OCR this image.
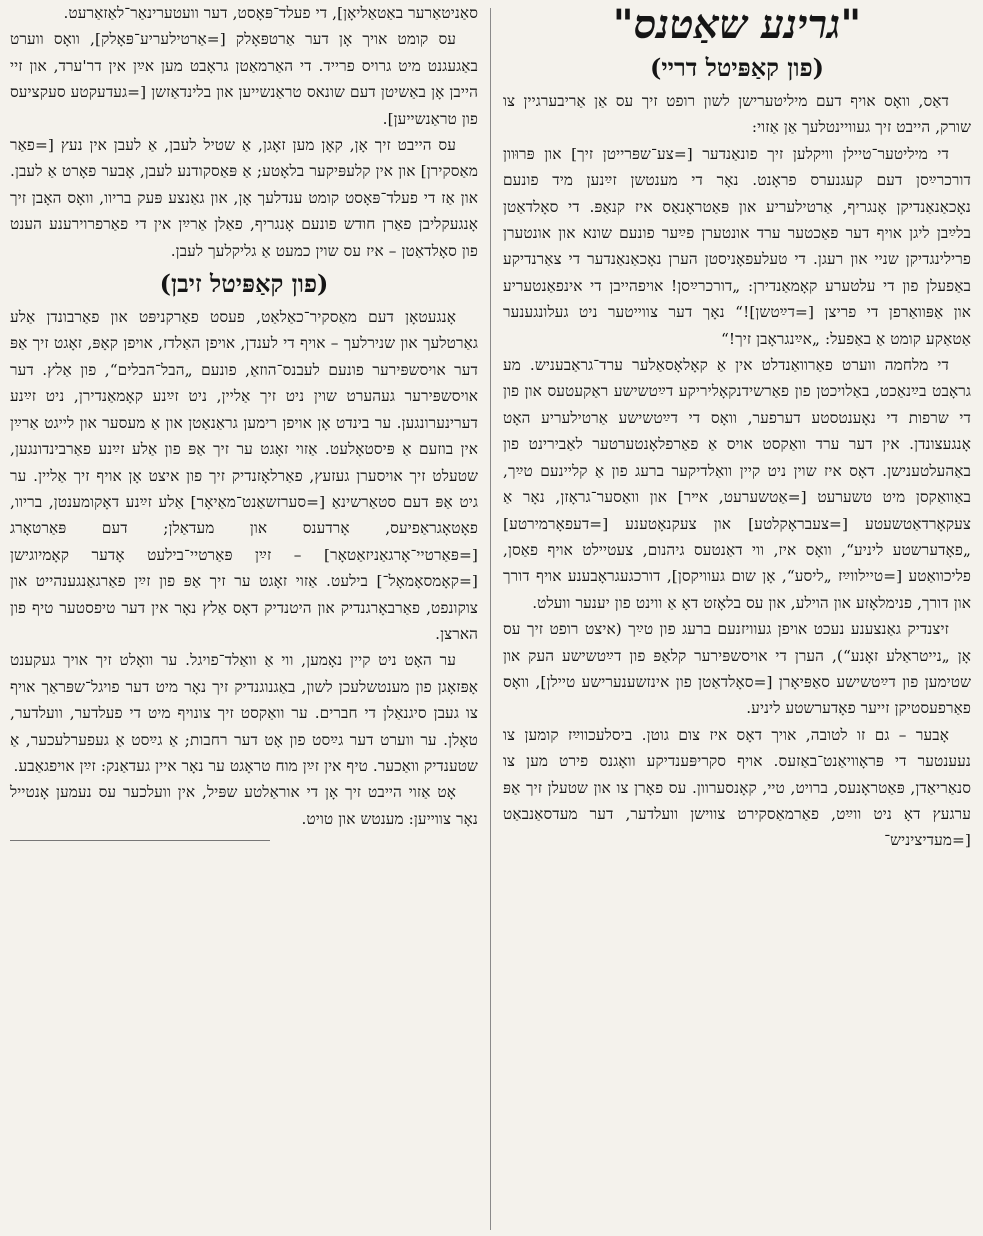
"גרינע שאַטנס"
(פון קאַפּיטל דריי)

דאַס, וואָס אויף דעם מיליטערישן לשון רופט זיך עס אַן אַריבערגיין צו שורק, הייבט זיך געוויינטלעך אַן אַזוי:

די מיליטער־טיילן וויקלען זיך פונאַנדער [=צע־שפּרייטן זיך] און פּרוּוון דורכרײַסן דעם קעגנערס פראָנט. נאָר די מענטשן זײַנען מיד פונעם נאָכאַנאַנדיקן אָנגריף, אַרטילעריע און פּאַטראָנאַס איז קנאַפּ. די סאָלדאַטן בלײַבן ליגן אויף דער פאַכטער ערד אונטערן פײַער פונעם שונא און אונטערן פרילינגדיקן שניי און רעגן. די טעלעפאָניסטן הערן נאָכאַנאַנדער די צאַרנדיקע באַפעלן פון די עלטערע קאָמאַנדירן: „דורכרײַסן! אויפהייבן די אינפאַנטעריע און אַפּוואַרפן די פריצן [=דײַטשן]!“ נאָך דער צווייטער ניט געלונגענער אַטאַקע קומט אַ באַפעל: „אײַנגראָבן זיך!“

די מלחמה ווערט פאַרוואַנדלט אין אַ קאָלאָסאַלער ערד־גראַבעניש. מע גראָבט בײַנאַכט, באַלויכטן פון פאַרשידנקאָליריקע דײַטשישע ראַקעטעס און פון די שרפות די נאָענטסטע דערפער, וואָס די דײַטשישע אַרטילעריע האָט אָנגעצונדן. אין דער ערד וואַקסט אויס אַ פאַרפלאָנטערטער לאַבירינט פון באַהעלטענישן. דאָס איז שוין ניט קיין וואַלדיקער ברעג פון אַ קליינעם טײַך, באַוואַקסן מיט טשערעט [=אַטשערעט, אײר] און וואַסער־גראָזן, נאָר אַ צעקאָרדאַטשעטע [=צעבראָקלטע] און צעקנאָטענע [=דעפאָרמירטע] „פאָדערשטע ליניע“, וואָס איז, ווי דאַנטעס גיהנום, צעטיילט אויף פאַסן, פליכוואַטע [=טיילווײַז „ליסע“, אָן שום געוויקסן], דורכגעגראָבענע אויף דורך און דורך, פנימלאָזע און הוילע, און עס בלאָזט דאָ אַ ווינט פון יענער וועלט.

זיצנדיק גאַנצענע נעכט אויפן געוויזנעם ברעג פון טײַך (איצט רופט זיך עס אָן „נייטראַלע זאָנע“), הערן די אויסשפּירער קלאַפּ פון דײַטשישע העק און שטימען פון דײַטשישע סאַפּיאָרן [=סאָלדאַטן פון אינזשענערישע טיילן], וואָס פאַרפעסטיקן זייער פאָדערשטע ליניע.

אָבער – גם זו לטובה, אויך דאָס איז צום גוטן. ביסלעכווײַז קומען צו נעענטער די פּראָוויאַנט־באַזעס. אויף סקריפּענדיקע וואָגנס פירט מען צו סנאַריאַדן, פּאַטראָנעס, ברויט, טיי, קאָנסערוון. עס פאָרן צו און שטעלן זיך אַפּ ערגעץ דאָ ניט ווײַט, פאַרמאַסקירט צווישן וועלדער, דער מעדסאַנבאַט [=מעדיציניש־

סאַניטאַרער באַטאַליאָן], די פעלד־פּאָסט, דער וועטערינאַר־לאַזאַרעט.

עס קומט אויך אָן דער אַרטפּאָלק [=אַרטילעריע־פּאָלק], וואָס ווערט באַגעגנט מיט גרויס פרייד. די האַרמאַטן גראָבט מען אײַן אין דר'ערד, און זיי הייבן אָן באַשיטן דעם שונאס טראַנשייען און בלינדאַזשן [=געדעקטע סעקציעס פון טראַנשייען].

עס הייבט זיך אָן, קאָן מען זאָגן, אַ שטיל לעבן, אַ לעבן אין נעץ [=פאַר מאַסקירן] און אין קלעפּיקער בלאָטע; אַ פּאַסקודנע לעבן, אָבער פאָרט אַ לעבן. און אַז די פעלד־פּאָסט קומט ענדלעך אָן, און גאַנצע פּעק בריוו, וואָס האָבן זיך אָנגעקליבן פאַרן חודש פונעם אָנגריף, פאַלן אַרײַן אין די פאַרפרוירענע הענט פון סאָלדאַטן – איז עס שוין כמעט אַ גליקלעך לעבן.

(פון קאַפּיטל זיבן)

אָנגעטאָן דעם מאַסקיר־כאַלאַט, פעסט פאַרקניפּט און פאַרבונדן אַלע גאַרטלעך און שנירלעך – אויף די לענדן, אויפן האַלדז, אויפן קאָפּ, זאָגט זיך אַפּ דער אויסשפּירער פונעם לעבנס־הוזאַ, פונעם „הבל־הבלים“, פון אַלץ. דער אויסשפּירער געהערט שוין ניט זיך אַליין, ניט זײַנע קאָמאַנדירן, ניט זײַנע דערינערונגען. ער בינדט אָן אויפן רימען גראַנאַטן און אַ מעסער און לייגט אַרײַן אין בוזעם אַ פּיסטאָלעט. אַזוי זאָגט ער זיך אַפּ פון אַלע זײַנע פאַרבינדונגען, שטעלט זיך אויסערן געזעץ, פאַרלאָזנדיק זיך פון איצט אָן אויף זיך אַליין. ער גיט אַפּ דעם סטאַרשינאַ [=סערזשאַנט־מאַיאָר] אַלע זײַנע דאָקומענטן, בריוו, פאָטאָגראַפיעס, אָרדענס און מעדאַלן; דעם פּאַרטאָרג [=פּאַרטיי־אָרגאַניזאַטאָר] – זײַן פּאַרטיי־בילעט אָדער קאָמיוגישן [=קאָמסאָמאָל־] בילעט. אַזוי זאָגט ער זיך אַפּ פון זײַן פאַרגאַנגענהייט און צוקונפט, פאַרבאָרגנדיק און היטנדיק דאָס אַלץ נאָר אין דער טיפסטער טיף פון הארצן.

ער האָט ניט קיין נאָמען, ווי אַ וואַלד־פויגל. ער וואָלט זיך אויך געקענט אָפּזאָגן פון מענטשלעכן לשון, באַגנוגנדיק זיך נאָר מיט דער פויגל־שפּראַך אויף צו געבן סיגנאַלן די חברים. ער וואַקסט זיך צונויף מיט די פעלדער, וועלדער, טאָלן. ער ווערט דער גײַסט פון אָט דער רחבות; אַ גײַסט אַ געפערלעכער, אַ שטענדיק וואַכער. טיף אין זײַן מוח טראָגט ער נאָר איין געדאַנק: זײַן אויפגאַבע.

אָט אַזוי הייבט זיך אָן די אוראַלטע שפּיל, אין וועלכער עס נעמען אָנטייל נאָר צווייען: מענטש און טויט.
